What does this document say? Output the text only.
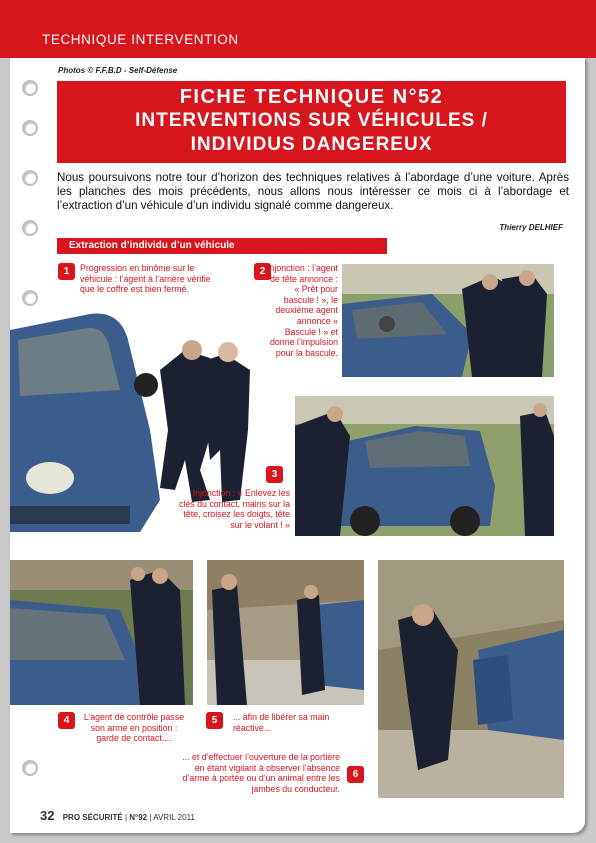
TECHNIQUE INTERVENTION
Photos © F.F.B.D - Self-Défense
FICHE TECHNIQUE N°52
INTERVENTIONS SUR VÉHICULES /
INDIVIDUS DANGEREUX
Nous poursuivons notre tour d’horizon des techniques relatives à l’abordage d’une voiture. Après les planches des mois précédents, nous allons nous intéresser ce mois ci à l’abordage et l’extraction d’un véhicule d’un individu signalé comme dangereux.
Thierry DELHIEF
Extraction d’individu d’un véhicule
1	Progression en binôme sur le véhicule : l’agent à l’arrière vérifie que le coffre est bien fermé.
2 Injonction : l’agent de tête annonce : « Prêt pour bascule ! », le deuxième agent annonce « Bascule ! » et donne l’impulsion pour la bascule.
3
Injonction : « Enlevez les clés du contact, mains sur la tête, croisez les doigts, tête sur le volant ! »
4	L’agent de contrôle passe son arme en position : garde de contact....
5	... afin de libérer sa main réactive...
6
... et d’effectuer l’ouverture de la portière en étant vigilant à observer l’absence d’arme à portée ou d’un animal entre les jambes du conducteur.
32 PRO SÉCURITÉ | N°92 | AVRIL 2011
